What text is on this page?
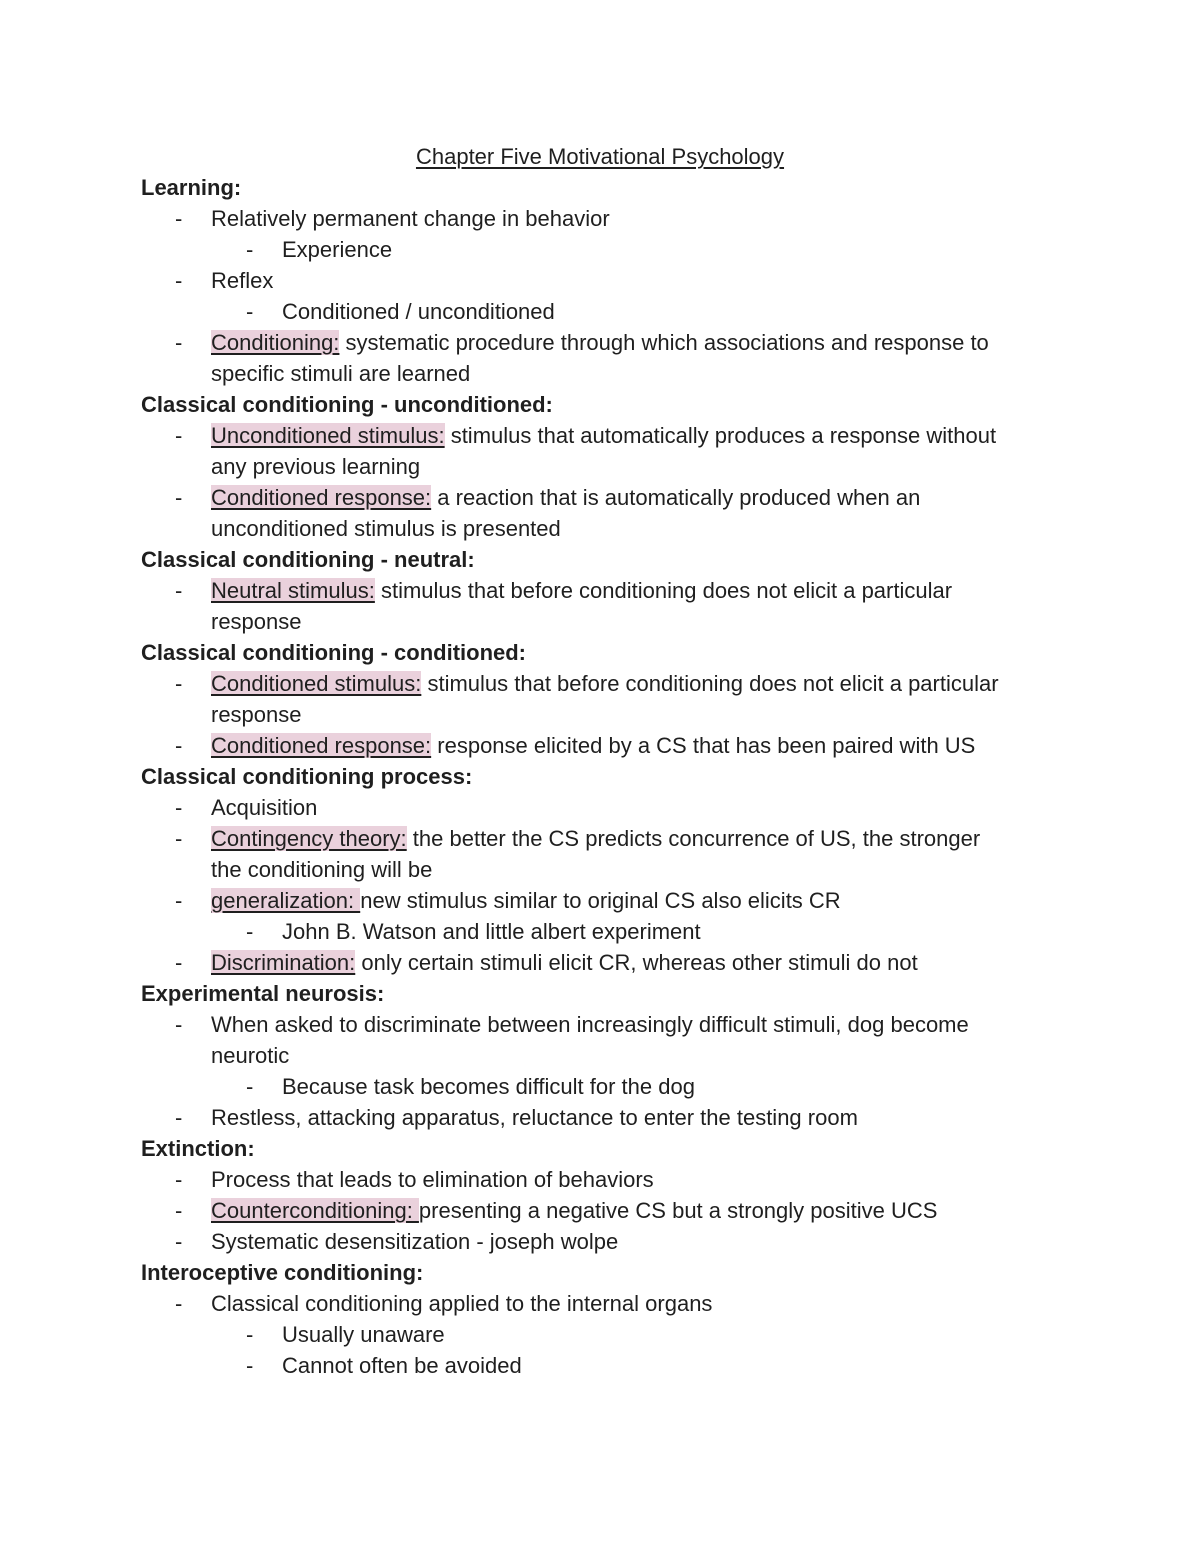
Chapter Five Motivational Psychology
Learning:
- Relatively permanent change in behavior
- Experience
- Reflex
- Conditioned / unconditioned
- Conditioning: systematic procedure through which associations and response to
specific stimuli are learned
Classical conditioning - unconditioned:
- Unconditioned stimulus: stimulus that automatically produces a response without
any previous learning
- Conditioned response: a reaction that is automatically produced when an
unconditioned stimulus is presented
Classical conditioning - neutral:
- Neutral stimulus: stimulus that before conditioning does not elicit a particular
response
Classical conditioning - conditioned:
- Conditioned stimulus: stimulus that before conditioning does not elicit a particular
response
- Conditioned response: response elicited by a CS that has been paired with US
Classical conditioning process:
- Acquisition
- Contingency theory: the better the CS predicts concurrence of US, the stronger
the conditioning will be
- generalization: new stimulus similar to original CS also elicits CR
- John B. Watson and little albert experiment
- Discrimination: only certain stimuli elicit CR, whereas other stimuli do not
Experimental neurosis:
- When asked to discriminate between increasingly difficult stimuli, dog become
neurotic
- Because task becomes difficult for the dog
- Restless, attacking apparatus, reluctance to enter the testing room
Extinction:
- Process that leads to elimination of behaviors
- Counterconditioning: presenting a negative CS but a strongly positive UCS
- Systematic desensitization - joseph wolpe
Interoceptive conditioning:
- Classical conditioning applied to the internal organs
- Usually unaware
- Cannot often be avoided
